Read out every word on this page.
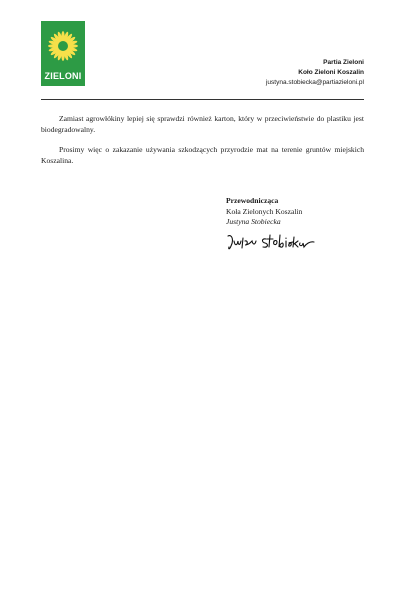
ZIELONI
Partia Zieloni
Koło Zieloni Koszalin
justyna.stobiecka@partiazieloni.pl

Zamiast agrowłókiny lepiej się sprawdzi również karton, który w przeciwieństwie do plastiku jest biodegradowalny.

Prosimy więc o zakazanie używania szkodzących przyrodzie mat na terenie gruntów miejskich Koszalina.

Przewodnicząca
Koła Zielonych Koszalin
Justyna Stobiecka
